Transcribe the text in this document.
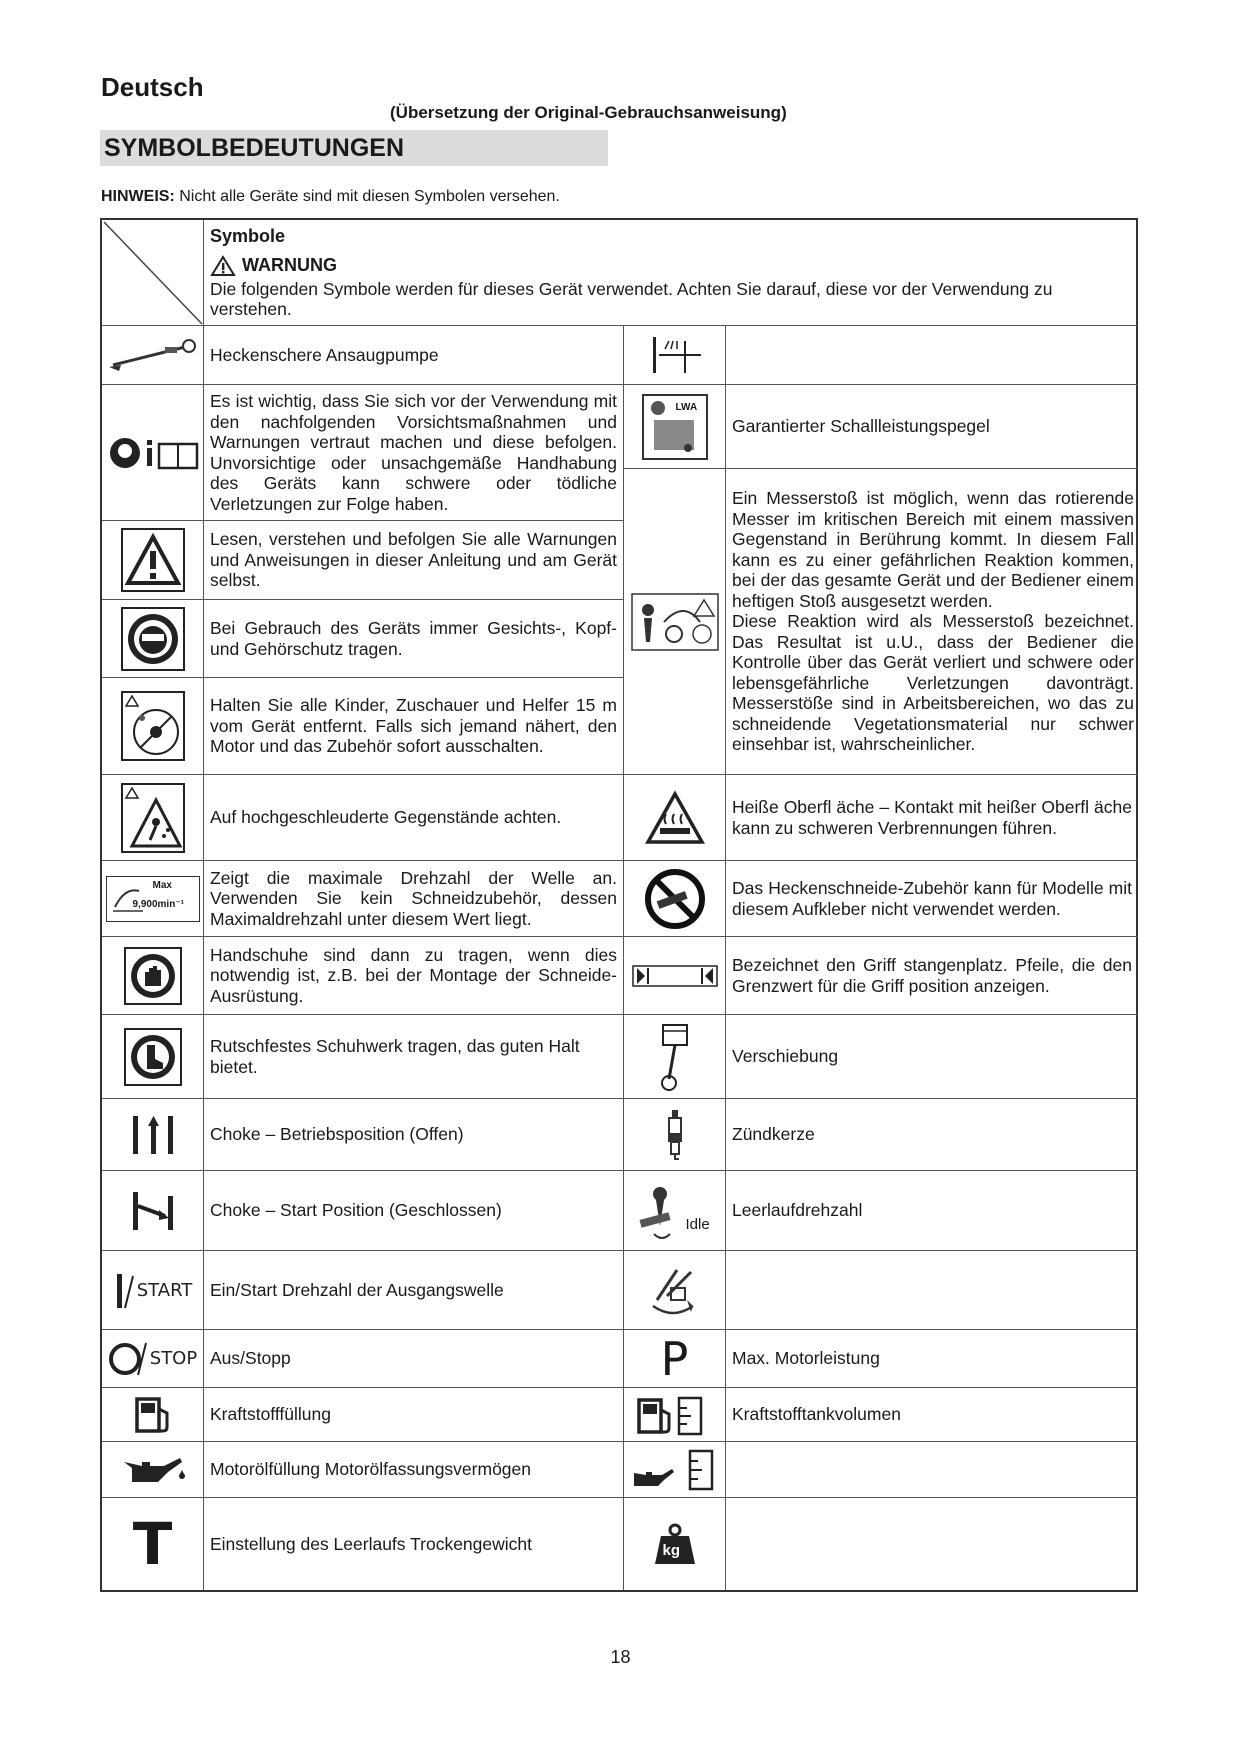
Deutsch
(Übersetzung der Original-Gebrauchsanweisung)
SYMBOLBEDEUTUNGEN
HINWEIS: Nicht alle Geräte sind mit diesen Symbolen versehen.
Symbole
WARNUNG
Die folgenden Symbole werden für dieses Gerät verwendet. Achten Sie darauf, diese vor der Verwendung zu verstehen.
Heckenschere Ansaugpumpe
Es ist wichtig, dass Sie sich vor der Verwendung mit den nachfolgenden Vorsichtsmaßnahmen und Warnungen vertraut machen und diese befolgen. Unvorsichtige oder unsachgemäße Handhabung des Geräts kann schwere oder tödliche Verletzungen zur Folge haben.
Lesen, verstehen und befolgen Sie alle Warnungen und Anweisungen in dieser Anleitung und am Gerät selbst.
Bei Gebrauch des Geräts immer Gesichts-, Kopf- und Gehörschutz tragen.
Halten Sie alle Kinder, Zuschauer und Helfer 15 m vom Gerät entfernt. Falls sich jemand nähert, den Motor und das Zubehör sofort ausschalten.
Auf hochgeschleuderte Gegenstände achten.
Max
9,900min⁻¹
Zeigt die maximale Drehzahl der Welle an. Verwenden Sie kein Schneidzubehör, dessen Maximaldrehzahl unter diesem Wert liegt.
Handschuhe sind dann zu tragen, wenn dies notwendig ist, z.B. bei der Montage der Schneide-Ausrüstung.
Rutschfestes Schuhwerk tragen, das guten Halt bietet.
Choke – Betriebsposition (Offen)
Choke – Start Position (Geschlossen)
START Ein/Start Drehzahl der Ausgangswelle
STOP Aus/Stopp
Kraftstofffüllung
Motorölfüllung Motorölfassungsvermögen
T Einstellung des Leerlaufs Trockengewicht
LWA
Garantierter Schallleistungspegel
Ein Messerstoß ist möglich, wenn das rotierende Messer im kritischen Bereich mit einem massiven Gegenstand in Berührung kommt. In diesem Fall kann es zu einer gefährlichen Reaktion kommen, bei der das gesamte Gerät und der Bediener einem heftigen Stoß ausgesetzt werden.
Diese Reaktion wird als Messerstoß bezeichnet. Das Resultat ist u.U., dass der Bediener die Kontrolle über das Gerät verliert und schwere oder lebensgefährliche Verletzungen davonträgt. Messerstöße sind in Arbeitsbereichen, wo das zu schneidende Vegetationsmaterial nur schwer einsehbar ist, wahrscheinlicher.
Heiße Oberfl äche – Kontakt mit heißer Oberfl äche kann zu schweren Verbrennungen führen.
Das Heckenschneide-Zubehör kann für Modelle mit diesem Aufkleber nicht verwendet werden.
Bezeichnet den Griff stangenplatz. Pfeile, die den Grenzwert für die Griff position anzeigen.
Verschiebung
Zündkerze
Idle
Leerlaufdrehzahl
P Max. Motorleistung
Kraftstofftankvolumen
kg
18
